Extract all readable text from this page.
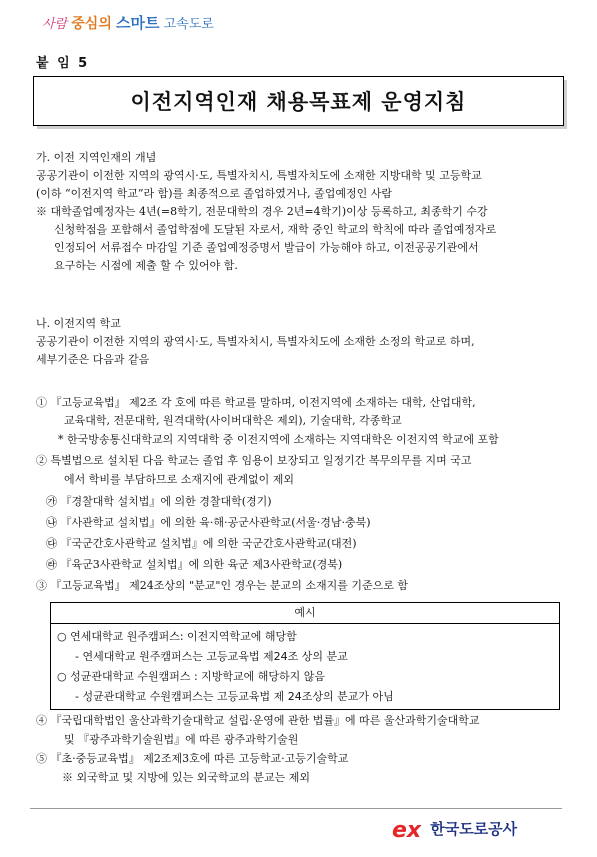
사람 중심의 스마트 고속도로
붙 임 5
이전지역인재 채용목표제 운영지침
가. 이전 지역인재의 개념
공공기관이 이전한 지역의 광역시·도, 특별자치시, 특별자치도에 소재한 지방대학 및 고등학교
(이하 “이전지역 학교”라 함)를 최종적으로 졸업하였거나, 졸업예정인 사람
※ 대학졸업예정자는 4년(=8학기, 전문대학의 경우 2년=4학기)이상 등록하고, 최종학기 수강
신청학점을 포함해서 졸업학점에 도달된 자로서, 재학 중인 학교의 학칙에 따라 졸업예정자로
인정되어 서류접수 마감일 기준 졸업예정증명서 발급이 가능해야 하고, 이전공공기관에서
요구하는 시점에 제출 할 수 있어야 함.
나. 이전지역 학교
공공기관이 이전한 지역의 광역시·도, 특별자치시, 특별자치도에 소재한 소정의 학교로 하며,
세부기준은 다음과 같음
① 『고등교육법』 제2조 각 호에 따른 학교를 말하며, 이전지역에 소재하는 대학, 산업대학,
교육대학, 전문대학, 원격대학(사이버대학은 제외), 기술대학, 각종학교
* 한국방송통신대학교의 지역대학 중 이전지역에 소재하는 지역대학은 이전지역 학교에 포함
② 특별법으로 설치된 다음 학교는 졸업 후 임용이 보장되고 일정기간 복무의무를 지며 국고
에서 학비를 부담하므로 소재지에 관계없이 제외
㉮ 『경찰대학 설치법』에 의한 경찰대학(경기)
㉯ 『사관학교 설치법』에 의한 육·해·공군사관학교(서울·경남·충북)
㉰ 『국군간호사관학교 설치법』에 의한 국군간호사관학교(대전)
㉱ 『육군3사관학교 설치법』에 의한 육군 제3사관학교(경북)
③ 『고등교육법』 제24조상의 "분교"인 경우는 분교의 소재지를 기준으로 함
예시
○ 연세대학교 원주캠퍼스: 이전지역학교에 해당함
- 연세대학교 원주캠퍼스는 고등교육법 제24조 상의 분교
○ 성균관대학교 수원캠퍼스 : 지방학교에 해당하지 않음
- 성균관대학교 수원캠퍼스는 고등교육법 제 24조상의 분교가 아님
④ 『국립대학법인 울산과학기술대학교 설립·운영에 관한 법률』에 따른 울산과학기술대학교
및 『광주과학기술원법』에 따른 광주과학기술원
⑤ 『초·중등교육법』 제2조제3호에 따른 고등학교·고등기술학교
※ 외국학교 및 지방에 있는 외국학교의 분교는 제외
ex 한국도로공사
